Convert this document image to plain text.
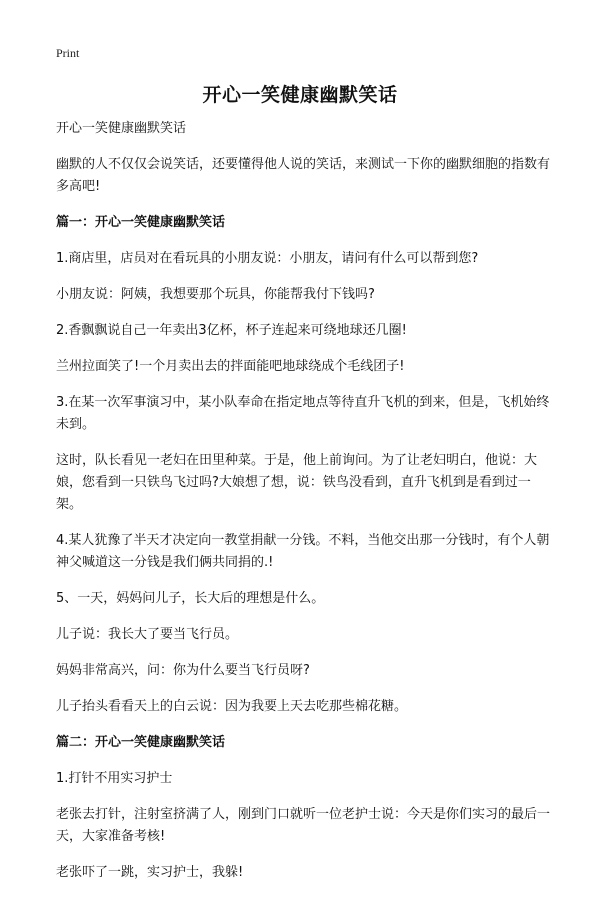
Print
开心一笑健康幽默笑话

开心一笑健康幽默笑话

幽默的人不仅仅会说笑话，还要懂得他人说的笑话，来测试一下你的幽默细胞的指数有多高吧!

篇一：开心一笑健康幽默笑话

1.商店里，店员对在看玩具的小朋友说：小朋友，请问有什么可以帮到您?

小朋友说：阿姨，我想要那个玩具，你能帮我付下钱吗?

2.香飘飘说自己一年卖出3亿杯，杯子连起来可绕地球还几圈!

兰州拉面笑了!一个月卖出去的拌面能吧地球绕成个毛线团子!

3.在某一次军事演习中，某小队奉命在指定地点等待直升飞机的到来，但是，飞机始终未到。

这时，队长看见一老妇在田里种菜。于是，他上前询问。为了让老妇明白，他说：大娘，您看到一只铁鸟飞过吗?大娘想了想，说：铁鸟没看到，直升飞机到是看到过一架。

4.某人犹豫了半天才决定向一教堂捐献一分钱。不料，当他交出那一分钱时，有个人朝神父喊道这一分钱是我们俩共同捐的.!

5、一天，妈妈问儿子，长大后的理想是什么。

儿子说：我长大了要当飞行员。

妈妈非常高兴，问：你为什么要当飞行员呀?

儿子抬头看看天上的白云说：因为我要上天去吃那些棉花糖。

篇二：开心一笑健康幽默笑话

1.打针不用实习护士

老张去打针，注射室挤满了人，刚到门口就听一位老护士说：今天是你们实习的最后一天，大家准备考核!

老张吓了一跳，实习护士，我躲!
